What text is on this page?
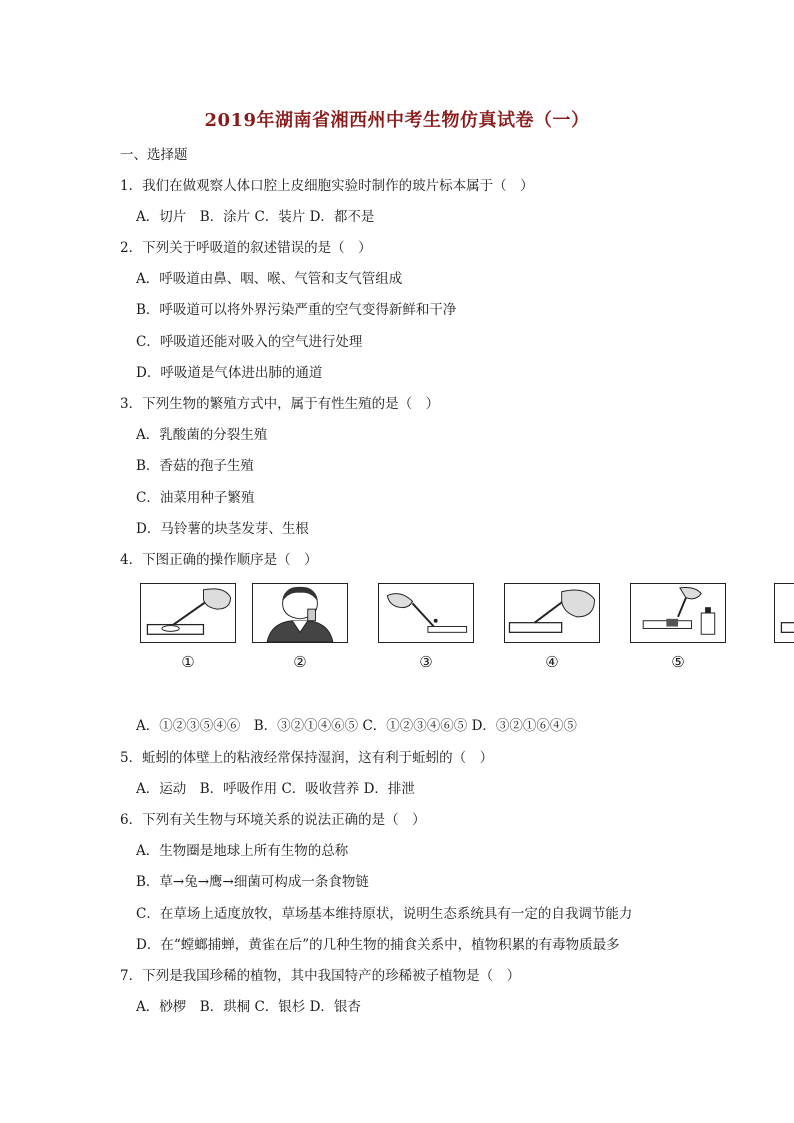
2019年湖南省湘西州中考生物仿真试卷（一）
一、选择题
1．我们在做观察人体口腔上皮细胞实验时制作的玻片标本属于（　）
A．切片　B．涂片 C．装片 D．都不是
2．下列关于呼吸道的叙述错误的是（　）
A．呼吸道由鼻、咽、喉、气管和支气管组成
B．呼吸道可以将外界污染严重的空气变得新鲜和干净
C．呼吸道还能对吸入的空气进行处理
D．呼吸道是气体进出肺的通道
3．下列生物的繁殖方式中，属于有性生殖的是（　）
A．乳酸菌的分裂生殖
B．香菇的孢子生殖
C．油菜用种子繁殖
D．马铃薯的块茎发芽、生根
4．下图正确的操作顺序是（　）
①	②	③	④	⑤
A．①②③⑤④⑥　B．③②①④⑥⑤ C．①②③④⑥⑤ D．③②①⑥④⑤
5．蚯蚓的体壁上的粘液经常保持湿润，这有利于蚯蚓的（　）
A．运动　B．呼吸作用 C．吸收营养 D．排泄
6．下列有关生物与环境关系的说法正确的是（　）
A．生物圈是地球上所有生物的总称
B．草→兔→鹰→细菌可构成一条食物链
C．在草场上适度放牧，草场基本维持原状，说明生态系统具有一定的自我调节能力
D．在“螳螂捕蝉，黄雀在后”的几种生物的捕食关系中，植物积累的有毒物质最多
7．下列是我国珍稀的植物，其中我国特产的珍稀被子植物是（　）
A．桫椤　B．珙桐 C．银杉 D．银杏
